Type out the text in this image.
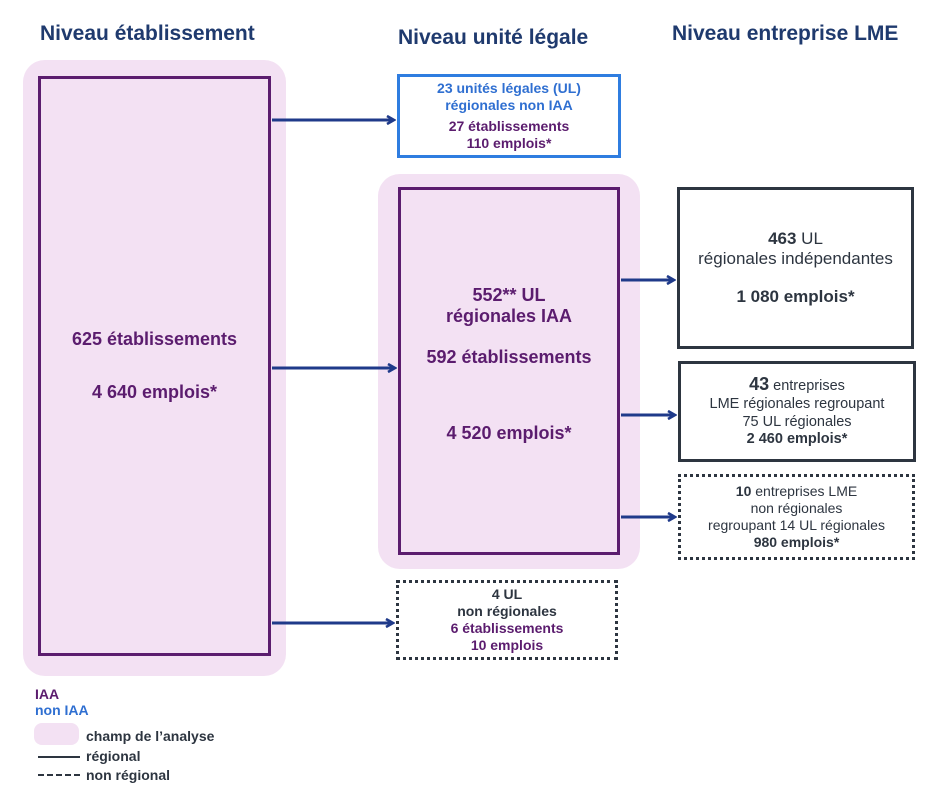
Niveau établissement	Niveau unité légale	Niveau entreprise LME
625 établissements
4 640 emplois*
23 unités légales (UL)
régionales non IAA
27 établissements
110 emplois*
552** UL
régionales IAA
592 établissements
4 520 emplois*
4 UL
non régionales
6 établissements
10 emplois
463 UL
régionales indépendantes
1 080 emplois*
43 entreprises
LME régionales regroupant
75 UL régionales
2 460 emplois*
10 entreprises LME
non régionales
regroupant 14 UL régionales
980 emplois*
IAA
non IAA
champ de l’analyse
régional
non régional
